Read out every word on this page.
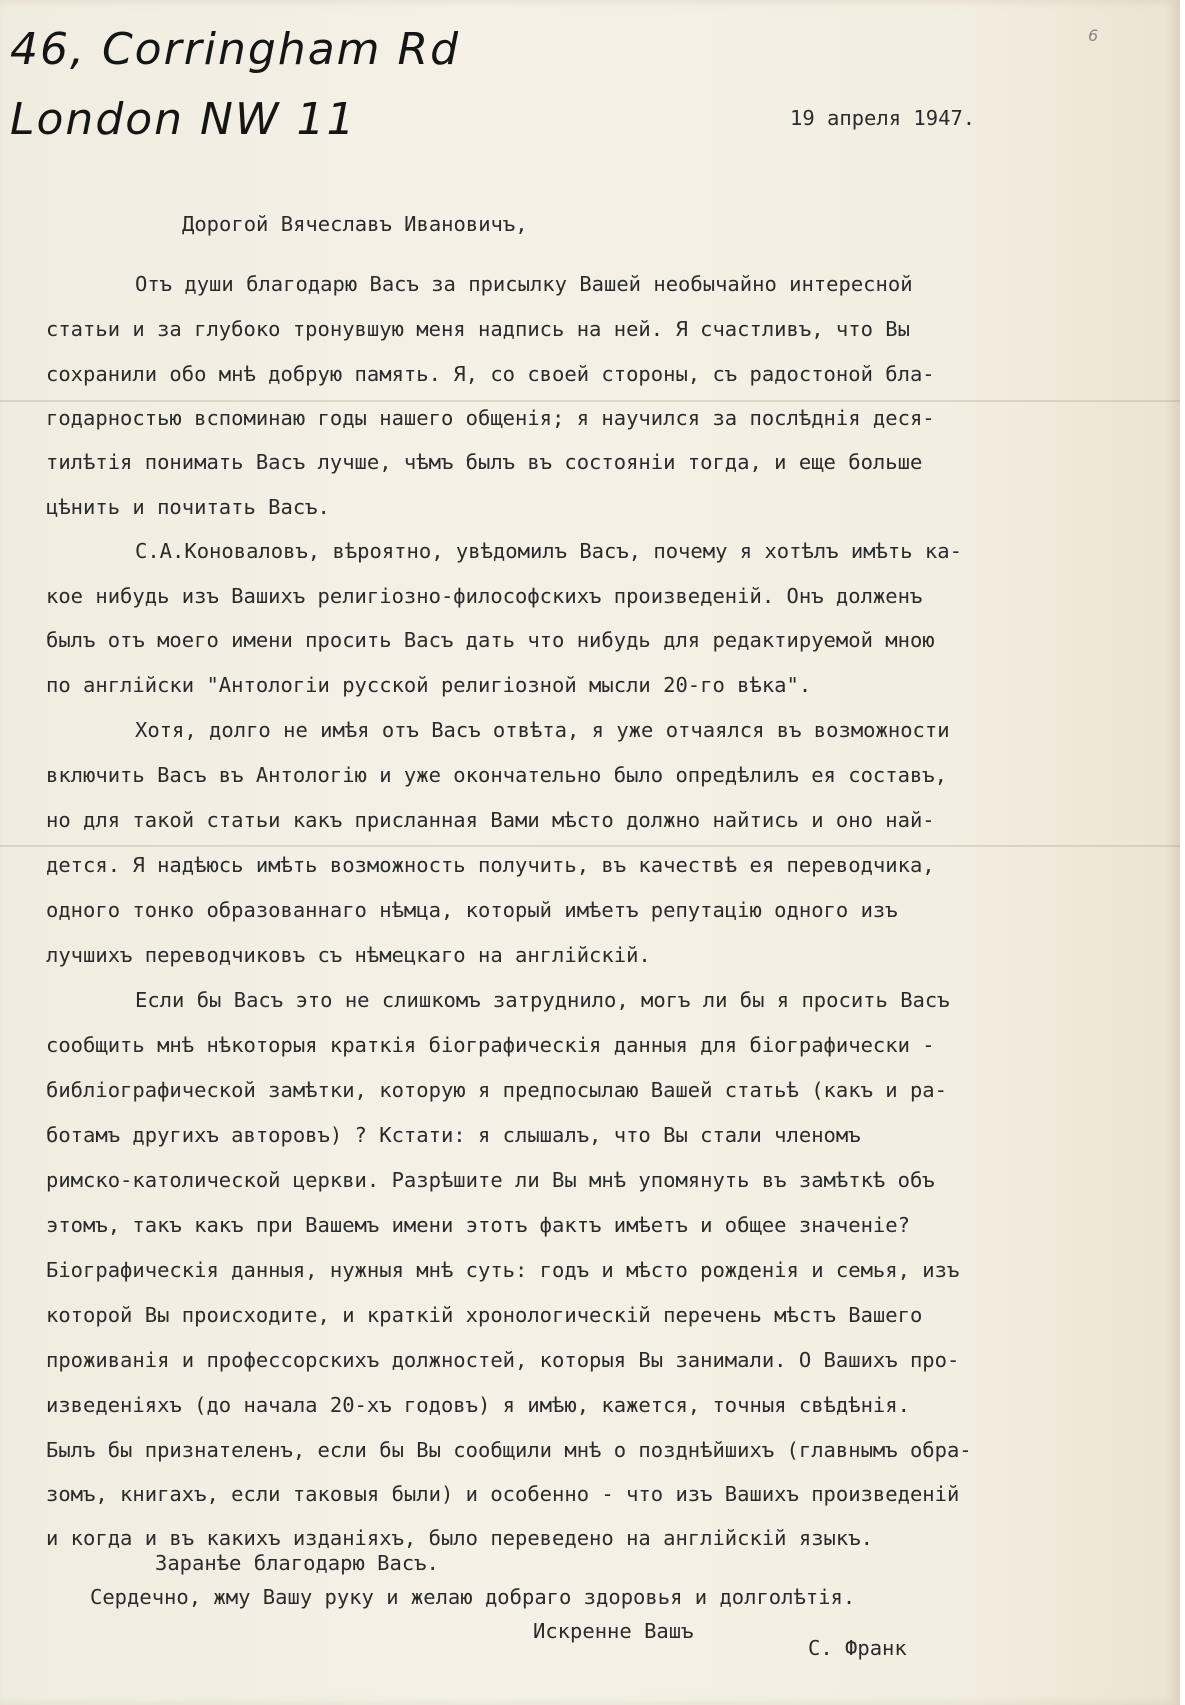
46, Corringham Rd
London NW 11
6
19 апреля 1947.
Дорогой Вячеславъ Ивановичъ,
Отъ души благодарю Васъ за присылку Вашей необычайно интересной
статьи и за глубоко тронувшую меня надпись на ней. Я счастливъ, что Вы
сохранили обо мнѣ добрую память. Я, со своей стороны, съ радостоной бла-
годарностью вспоминаю годы нашего общенія; я научился за послѣднія деся-
тилѣтія понимать Васъ лучше, чѣмъ былъ въ состояніи тогда, и еще больше
цѣнить и почитать Васъ.
С.А.Коноваловъ, вѣроятно, увѣдомилъ Васъ, почему я хотѣлъ имѣть ка-
кое нибудь изъ Вашихъ религіозно-философскихъ произведеній. Онъ долженъ
былъ отъ моего имени просить Васъ дать что нибудь для редактируемой мною
по англійски "Антологіи русской религіозной мысли 20-го вѣка".
Хотя, долго не имѣя отъ Васъ отвѣта, я уже отчаялся въ возможности
включить Васъ въ Антологію и уже окончательно было опредѣлилъ ея составъ,
но для такой статьи какъ присланная Вами мѣсто должно найтись и оно най-
дется. Я надѣюсь имѣть возможность получить, въ качествѣ ея переводчика,
одного тонко образованнаго нѣмца, который имѣетъ репутацію одного изъ
лучшихъ переводчиковъ съ нѣмецкаго на англійскій.
Если бы Васъ это не слишкомъ затруднило, могъ ли бы я просить Васъ
сообщить мнѣ нѣкоторыя краткія біографическія данныя для біографически -
библіографической замѣтки, которую я предпосылаю Вашей статьѣ (какъ и ра-
ботамъ другихъ авторовъ) ? Кстати: я слышалъ, что Вы стали членомъ
римско-католической церкви. Разрѣшите ли Вы мнѣ упомянуть въ замѣткѣ объ
этомъ, такъ какъ при Вашемъ имени этотъ фактъ имѣетъ и общее значеніе?
Біографическія данныя, нужныя мнѣ суть: годъ и мѣсто рожденія и семья, изъ
которой Вы происходите, и краткій хронологическій перечень мѣстъ Вашего
проживанія и профессорскихъ должностей, которыя Вы занимали. О Вашихъ про-
изведеніяхъ (до начала 20-хъ годовъ) я имѣю, кажется, точныя свѣдѣнія.
Былъ бы признателенъ, если бы Вы сообщили мнѣ о позднѣйшихъ (главнымъ обра-
зомъ, книгахъ, если таковыя были) и особенно - что изъ Вашихъ произведеній
и когда и въ какихъ изданіяхъ, было переведено на англійскій языкъ.
Заранѣе благодарю Васъ.
Сердечно, жму Вашу руку и желаю добраго здоровья и долголѣтія.
Искренне Вашъ
С. Франк
